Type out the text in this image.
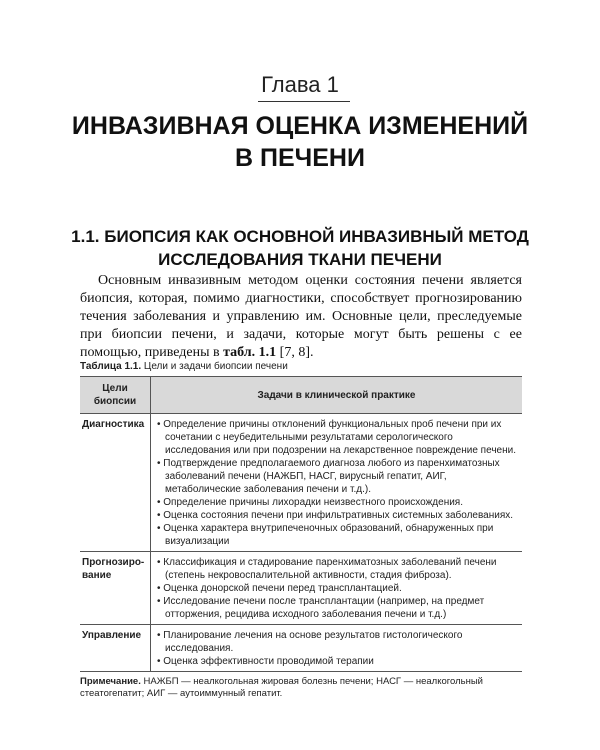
Глава 1
ИНВАЗИВНАЯ ОЦЕНКА ИЗМЕНЕНИЙ
В ПЕЧЕНИ
1.1. БИОПСИЯ КАК ОСНОВНОЙ ИНВАЗИВНЫЙ МЕТОД
ИССЛЕДОВАНИЯ ТКАНИ ПЕЧЕНИ
Основным инвазивным методом оценки состояния печени является биопсия, которая, помимо диагностики, способствует прогнозированию течения заболевания и управлению им. Основные цели, преследуемые при биопсии печени, и задачи, которые могут быть решены с ее помощью, приведены в табл. 1.1 [7, 8].
Таблица 1.1. Цели и задачи биопсии печени
Цели биопсии	Задачи в клинической практике
Диагностика	• Определение причины отклонений функциональных проб печени при их сочетании с неубедительными результатами серологического исследования или при подозрении на лекарственное повреждение печени.
• Подтверждение предполагаемого диагноза любого из паренхиматозных заболеваний печени (НАЖБП, НАСГ, вирусный гепатит, АИГ, метаболические заболевания печени и т.д.).
• Определение причины лихорадки неизвестного происхождения.
• Оценка состояния печени при инфильтративных системных заболеваниях.
• Оценка характера внутрипеченочных образований, обнаруженных при визуализации

Прогнозиро-вание	• Классификация и стадирование паренхиматозных заболеваний печени (степень некровоспалительной активности, стадия фиброза).
• Оценка донорской печени перед трансплантацией.
• Исследование печени после трансплантации (например, на предмет отторжения, рецидива исходного заболевания печени и т.д.)

Управление	• Планирование лечения на основе результатов гистологического исследования.
• Оценка эффективности проводимой терапии
Примечание. НАЖБП — неалкогольная жировая болезнь печени; НАСГ — неалкогольный стеатогепатит; АИГ — аутоиммунный гепатит.
